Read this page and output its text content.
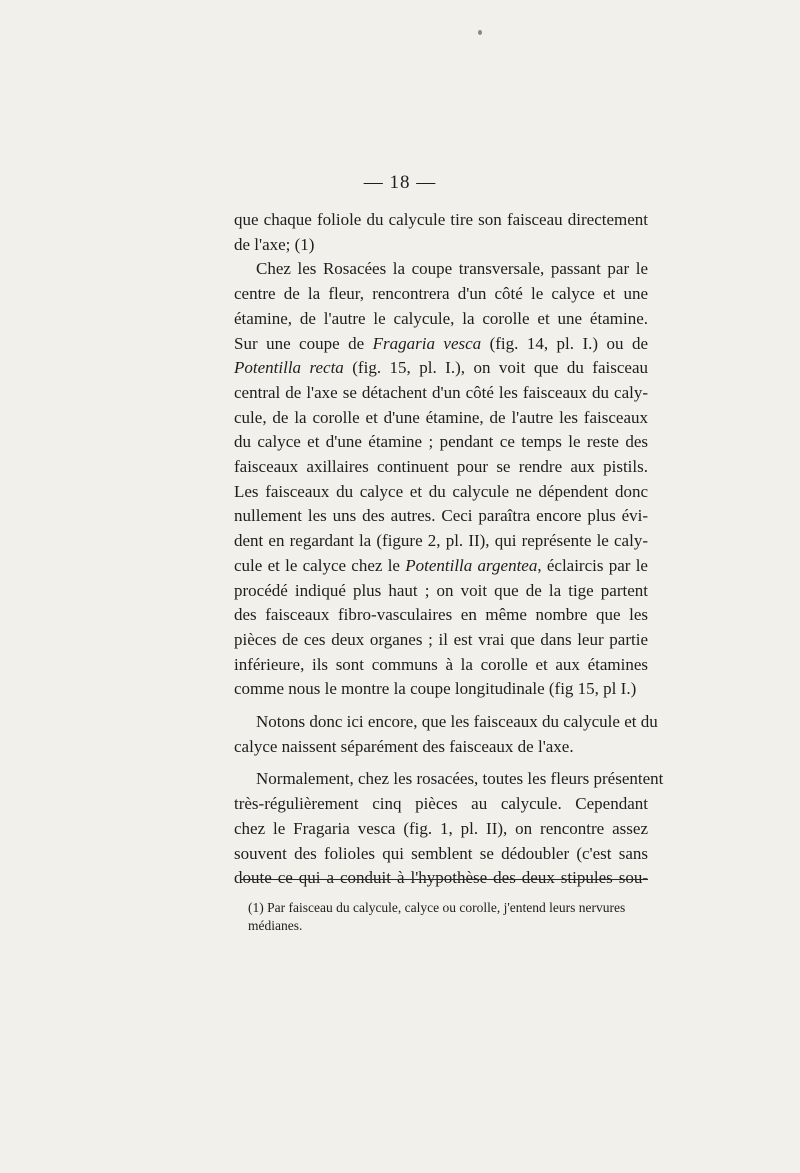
— 18 —
que chaque foliole du calycule tire son faisceau directement
de l'axe; (1)
Chez les Rosacées la coupe transversale, passant par le
centre de la fleur, rencontrera d'un côté le calyce et une
étamine, de l'autre le calycule, la corolle et une étamine.
Sur une coupe de Fragaria vesca (fig. 14, pl. I.) ou de
Potentilla recta (fig. 15, pl. I.), on voit que du faisceau
central de l'axe se détachent d'un côté les faisceaux du caly-
cule, de la corolle et d'une étamine, de l'autre les faisceaux
du calyce et d'une étamine ; pendant ce temps le reste des
faisceaux axillaires continuent pour se rendre aux pistils.
Les faisceaux du calyce et du calycule ne dépendent donc
nullement les uns des autres. Ceci paraîtra encore plus évi-
dent en regardant la (figure 2, pl. II), qui représente le caly-
cule et le calyce chez le Potentilla argentea, éclaircis par le
procédé indiqué plus haut ; on voit que de la tige partent
des faisceaux fibro-vasculaires en même nombre que les
pièces de ces deux organes ; il est vrai que dans leur partie
inférieure, ils sont communs à la corolle et aux étamines
comme nous le montre la coupe longitudinale (fig 15, pl I.)
Notons donc ici encore, que les faisceaux du calycule et du
calyce naissent séparément des faisceaux de l'axe.
Normalement, chez les rosacées, toutes les fleurs présentent
très-régulièrement cinq pièces au calycule. Cependant
chez le Fragaria vesca (fig. 1, pl. II), on rencontre assez
souvent des folioles qui semblent se dédoubler (c'est sans
doute ce qui a conduit à l'hypothèse des deux stipules sou-
(1) Par faisceau du calycule, calyce ou corolle, j'entend leurs nervures
médianes.
